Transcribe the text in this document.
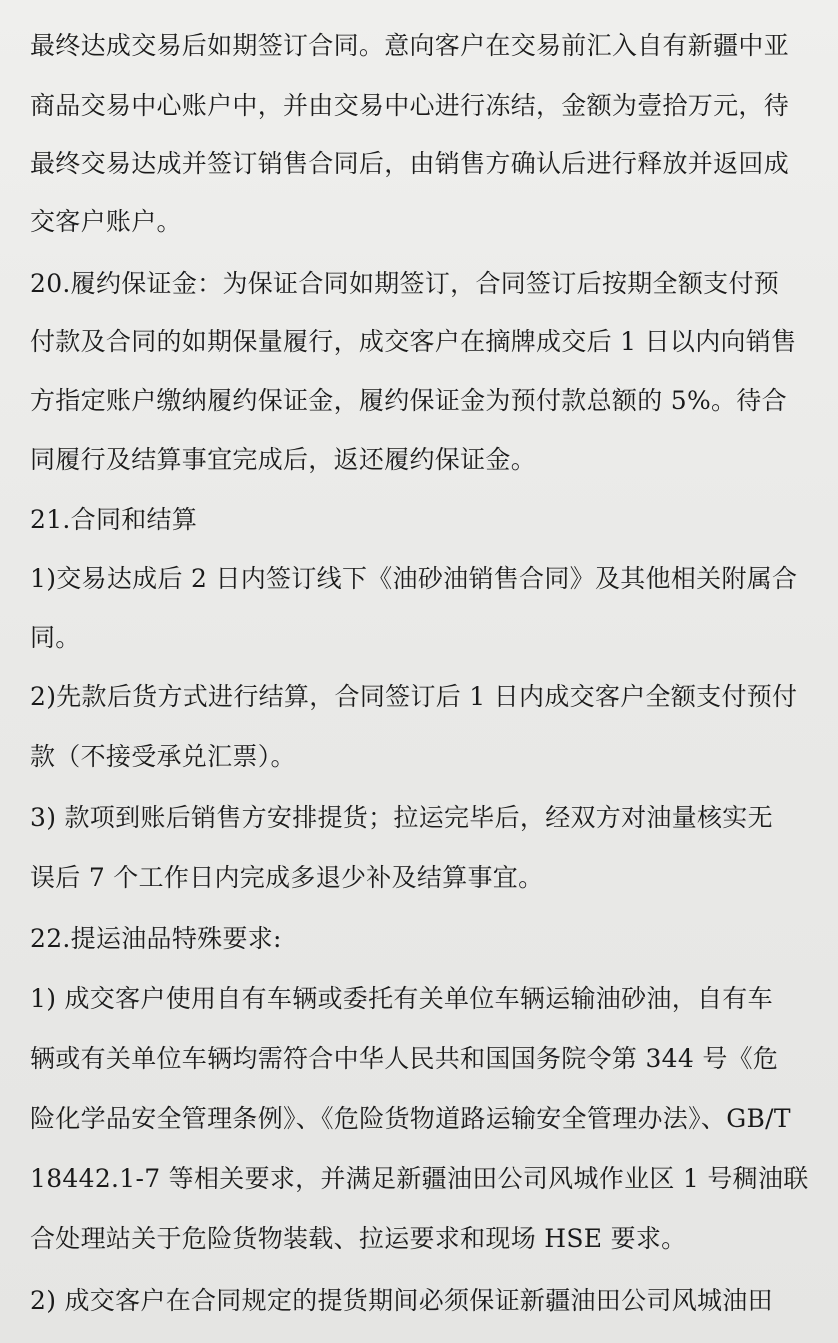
最终达成交易后如期签订合同。意向客户在交易前汇入自有新疆中亚
商品交易中心账户中，并由交易中心进行冻结，金额为壹拾万元，待
最终交易达成并签订销售合同后，由销售方确认后进行释放并返回成
交客户账户。
20.履约保证金：为保证合同如期签订，合同签订后按期全额支付预
付款及合同的如期保量履行，成交客户在摘牌成交后 1 日以内向销售
方指定账户缴纳履约保证金，履约保证金为预付款总额的 5%。待合
同履行及结算事宜完成后，返还履约保证金。
21.合同和结算
1)交易达成后 2 日内签订线下《油砂油销售合同》及其他相关附属合
同。
2)先款后货方式进行结算，合同签订后 1 日内成交客户全额支付预付
款（不接受承兑汇票）。
3) 款项到账后销售方安排提货；拉运完毕后，经双方对油量核实无
误后 7 个工作日内完成多退少补及结算事宜。
22.提运油品特殊要求:
1) 成交客户使用自有车辆或委托有关单位车辆运输油砂油，自有车
辆或有关单位车辆均需符合中华人民共和国国务院令第 344 号《危
险化学品安全管理条例》、《危险货物道路运输安全管理办法》、GB/T
18442.1-7 等相关要求，并满足新疆油田公司风城作业区 1 号稠油联
合处理站关于危险货物装载、拉运要求和现场 HSE 要求。
2) 成交客户在合同规定的提货期间必须保证新疆油田公司风城油田
